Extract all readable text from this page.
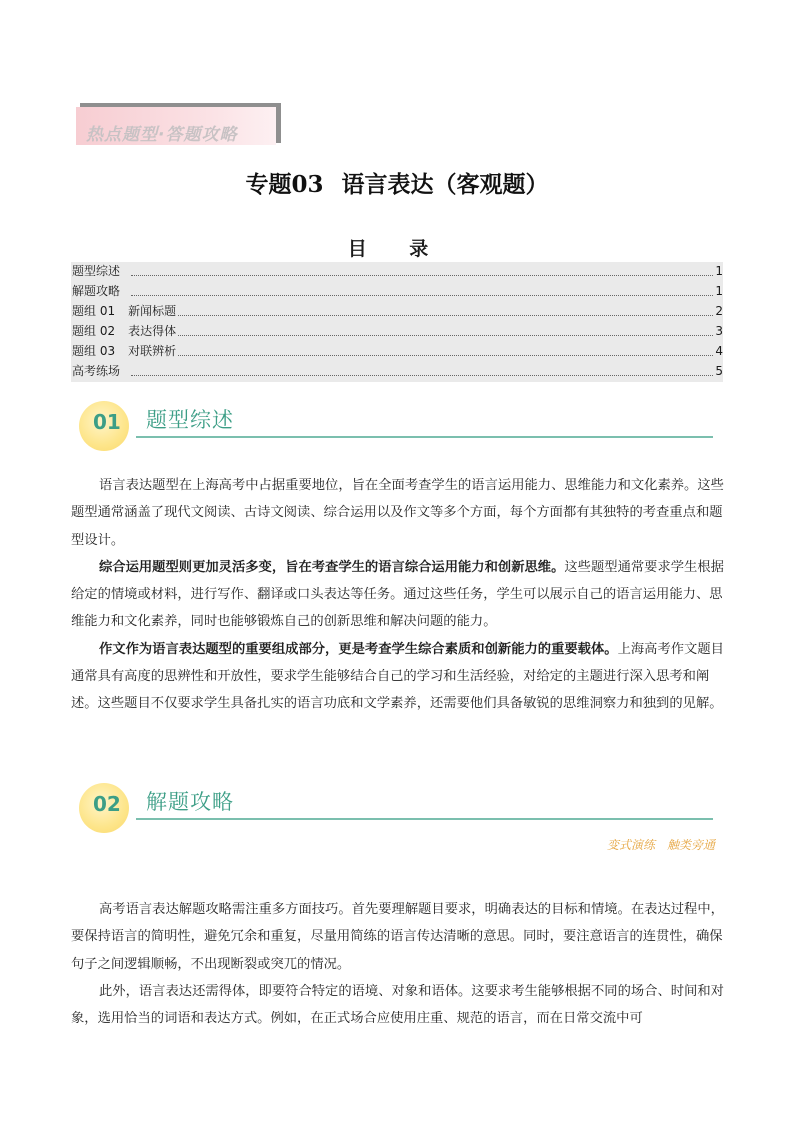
热点题型·答题攻略
专题03 语言表达（客观题）
目 录
题型综述	1
解题攻略	1
题组 01 新闻标题	2
题组 02 表达得体	3
题组 03 对联辨析	4
高考练场	5
01 题型综述

语言表达题型在上海高考中占据重要地位，旨在全面考查学生的语言运用能力、思维能力和文化素养。这些题型通常涵盖了现代文阅读、古诗文阅读、综合运用以及作文等多个方面，每个方面都有其独特的考查重点和题型设计。

综合运用题型则更加灵活多变，旨在考查学生的语言综合运用能力和创新思维。这些题型通常要求学生根据给定的情境或材料，进行写作、翻译或口头表达等任务。通过这些任务，学生可以展示自己的语言运用能力、思维能力和文化素养，同时也能够锻炼自己的创新思维和解决问题的能力。

作文作为语言表达题型的重要组成部分，更是考查学生综合素质和创新能力的重要载体。上海高考作文题目通常具有高度的思辨性和开放性，要求学生能够结合自己的学习和生活经验，对给定的主题进行深入思考和阐述。这些题目不仅要求学生具备扎实的语言功底和文学素养，还需要他们具备敏锐的思维洞察力和独到的见解。

02 解题攻略
变式演练　触类旁通

高考语言表达解题攻略需注重多方面技巧。首先要理解题目要求，明确表达的目标和情境。在表达过程中，要保持语言的简明性，避免冗余和重复，尽量用简练的语言传达清晰的意思。同时，要注意语言的连贯性，确保句子之间逻辑顺畅，不出现断裂或突兀的情况。

此外，语言表达还需得体，即要符合特定的语境、对象和语体。这要求考生能够根据不同的场合、时间和对象，选用恰当的词语和表达方式。例如，在正式场合应使用庄重、规范的语言，而在日常交流中可
